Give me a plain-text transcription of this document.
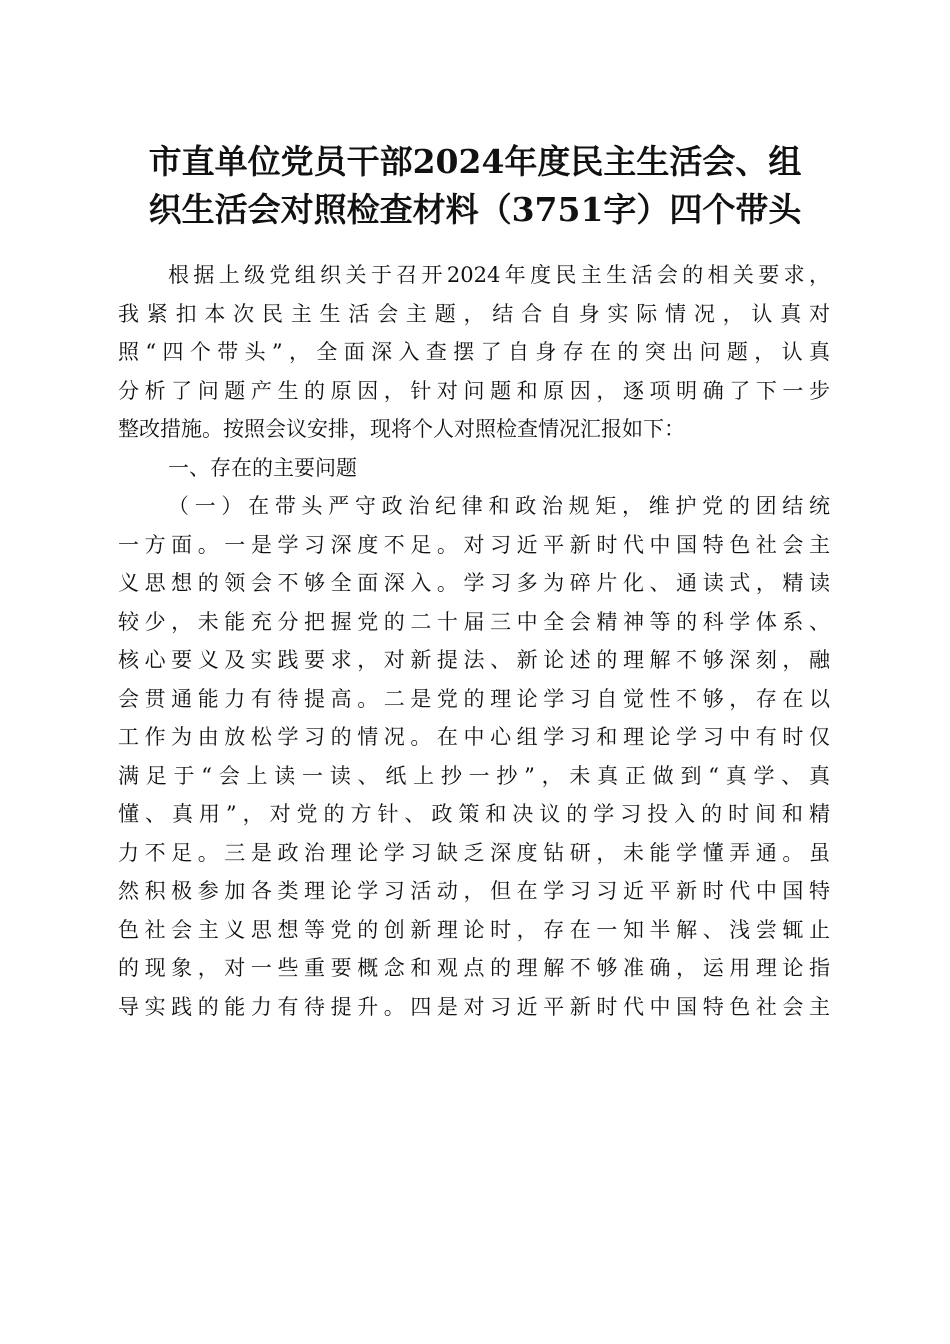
市直单位党员干部2024年度民主生活会、组
织生活会对照检查材料（3751字）四个带头
根据上级党组织关于召开2024年度民主生活会的相关要求，
我紧扣本次民主生活会主题，结合自身实际情况，认真对
照“四个带头”，全面深入查摆了自身存在的突出问题，认真
分析了问题产生的原因，针对问题和原因，逐项明确了下一步
整改措施。按照会议安排，现将个人对照检查情况汇报如下：
一、存在的主要问题
（一）在带头严守政治纪律和政治规矩，维护党的团结统
一方面。一是学习深度不足。对习近平新时代中国特色社会主
义思想的领会不够全面深入。学习多为碎片化、通读式，精读
较少，未能充分把握党的二十届三中全会精神等的科学体系、
核心要义及实践要求，对新提法、新论述的理解不够深刻，融
会贯通能力有待提高。二是党的理论学习自觉性不够，存在以
工作为由放松学习的情况。在中心组学习和理论学习中有时仅
满足于“会上读一读、纸上抄一抄”，未真正做到“真学、真
懂、真用”，对党的方针、政策和决议的学习投入的时间和精
力不足。三是政治理论学习缺乏深度钻研，未能学懂弄通。虽
然积极参加各类理论学习活动，但在学习习近平新时代中国特
色社会主义思想等党的创新理论时，存在一知半解、浅尝辄止
的现象，对一些重要概念和观点的理解不够准确，运用理论指
导实践的能力有待提升。四是对习近平新时代中国特色社会主
